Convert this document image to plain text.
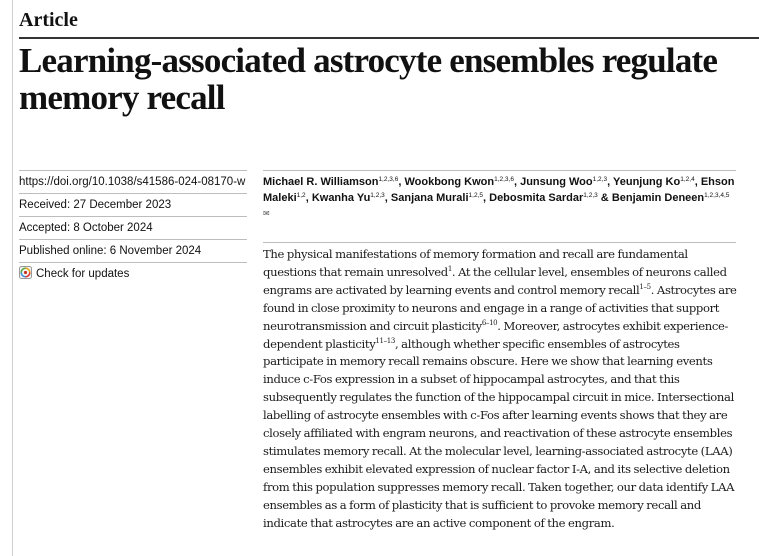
Article
Learning-associated astrocyte ensembles regulate memory recall
https://doi.org/10.1038/s41586-024-08170-w
Received: 27 December 2023
Accepted: 8 October 2024
Published online: 6 November 2024
Check for updates
Michael R. Williamson$^{1,2,3,6}$, Wookbong Kwon$^{1,2,3,6}$, Junsung Woo$^{1,2,3}$, Yeunjung Ko$^{1,2,4}$, Ehson Maleki$^{1,2}$, Kwanha Yu$^{1,2,3}$, Sanjana Murali$^{1,2,5}$, Debosmita Sardar$^{1,2,3}$ & Benjamin Deneen$^{1,2,3,4,5✉}$

The physical manifestations of memory formation and recall are fundamental questions that remain unresolved$^1$. At the cellular level, ensembles of neurons called engrams are activated by learning events and control memory recall$^{1-5}$. Astrocytes are found in close proximity to neurons and engage in a range of activities that support neurotransmission and circuit plasticity$^{6-10}$. Moreover, astrocytes exhibit experience-dependent plasticity$^{11-13}$, although whether specific ensembles of astrocytes participate in memory recall remains obscure. Here we show that learning events induce c-Fos expression in a subset of hippocampal astrocytes, and that this subsequently regulates the function of the hippocampal circuit in mice. Intersectional labelling of astrocyte ensembles with c-Fos after learning events shows that they are closely affiliated with engram neurons, and reactivation of these astrocyte ensembles stimulates memory recall. At the molecular level, learning-associated astrocyte (LAA) ensembles exhibit elevated expression of nuclear factor I-A, and its selective deletion from this population suppresses memory recall. Taken together, our data identify LAA ensembles as a form of plasticity that is sufficient to provoke memory recall and indicate that astrocytes are an active component of the engram.
